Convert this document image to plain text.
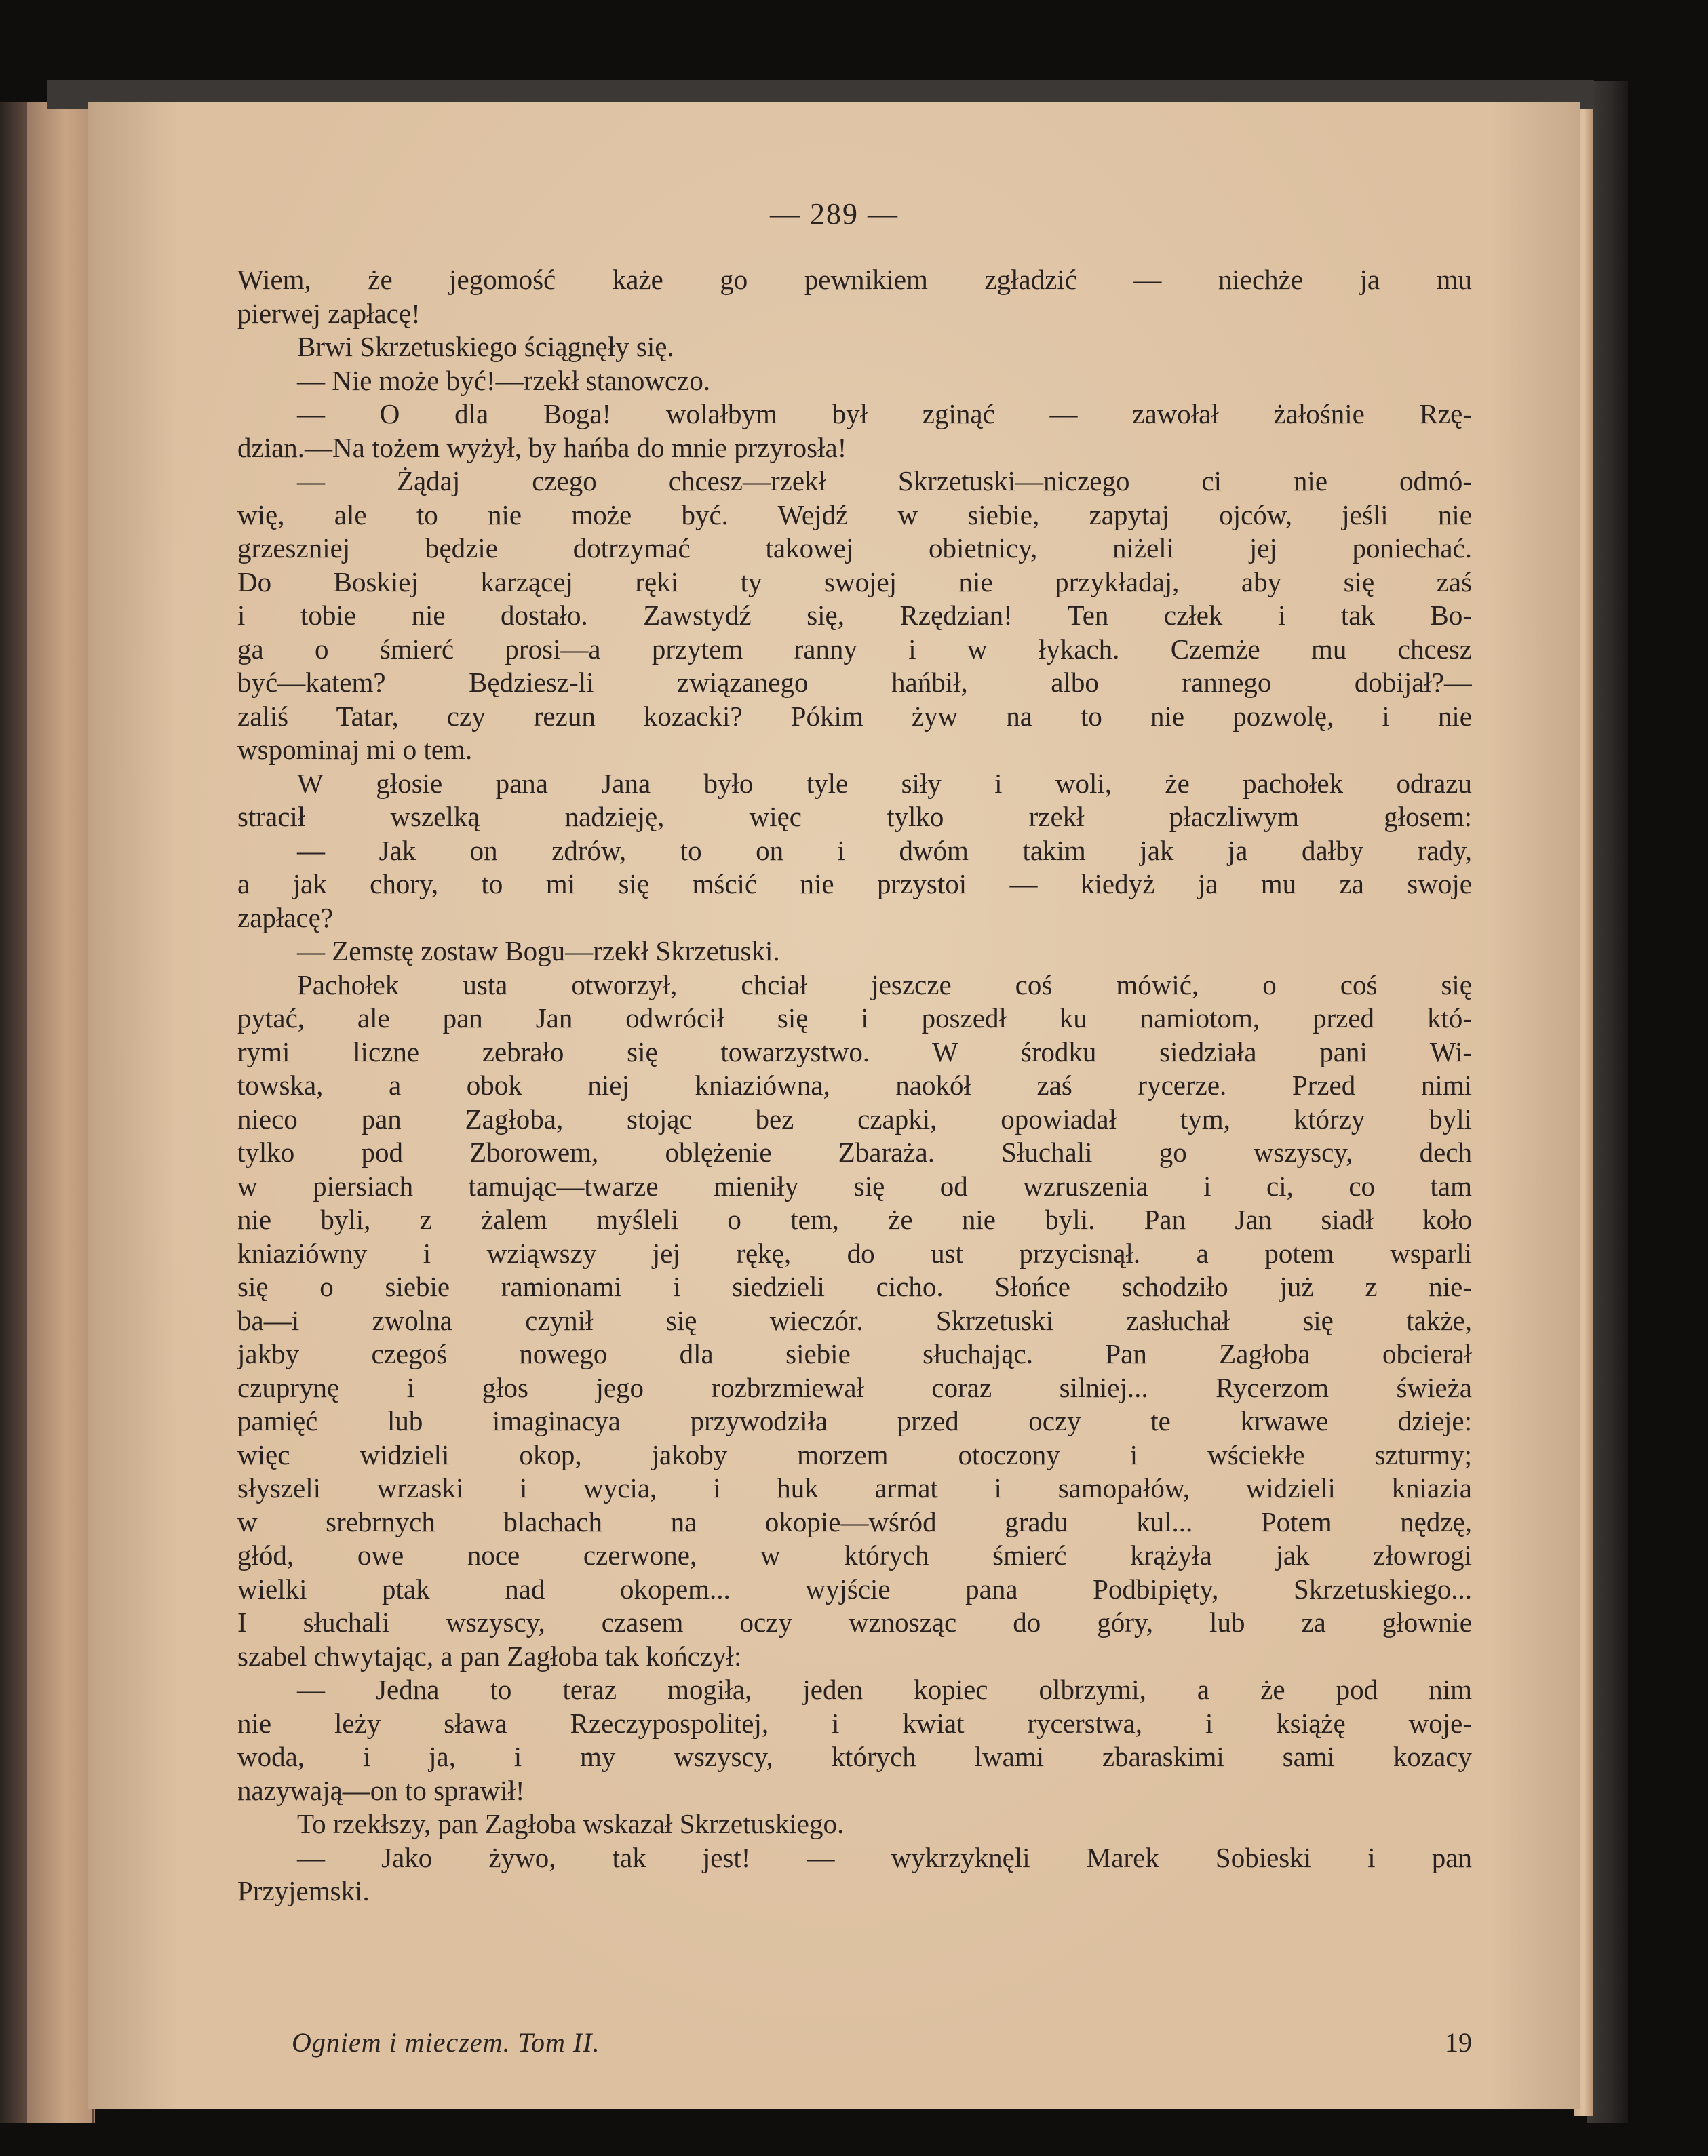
— 289 —
Wiem, że jegomość każe go pewnikiem zgładzić — niechże ja mu
pierwej zapłacę!
Brwi Skrzetuskiego ściągnęły się.
— Nie może być!—rzekł stanowczo.
— O dla Boga! wolałbym był zginąć — zawołał żałośnie Rzę-
dzian.—Na tożem wyżył, by hańba do mnie przyrosła!
— Żądaj czego chcesz—rzekł Skrzetuski—niczego ci nie odmó-
wię, ale to nie może być. Wejdź w siebie, zapytaj ojców, jeśli nie
grzeszniej będzie dotrzymać takowej obietnicy, niżeli jej poniechać.
Do Boskiej karzącej ręki ty swojej nie przykładaj, aby się zaś
i tobie nie dostało. Zawstydź się, Rzędzian! Ten człek i tak Bo-
ga o śmierć prosi—a przytem ranny i w łykach. Czemże mu chcesz
być—katem? Będziesz-li związanego hańbił, albo rannego dobijał?—
zaliś Tatar, czy rezun kozacki? Pókim żyw na to nie pozwolę, i nie
wspominaj mi o tem.
W głosie pana Jana było tyle siły i woli, że pachołek odrazu
stracił wszelką nadzieję, więc tylko rzekł płaczliwym głosem:
— Jak on zdrów, to on i dwóm takim jak ja dałby rady,
a jak chory, to mi się mścić nie przystoi — kiedyż ja mu za swoje
zapłacę?
— Zemstę zostaw Bogu—rzekł Skrzetuski.
Pachołek usta otworzył, chciał jeszcze coś mówić, o coś się
pytać, ale pan Jan odwrócił się i poszedł ku namiotom, przed któ-
rymi liczne zebrało się towarzystwo. W środku siedziała pani Wi-
towska, a obok niej kniaziówna, naokół zaś rycerze. Przed nimi
nieco pan Zagłoba, stojąc bez czapki, opowiadał tym, którzy byli
tylko pod Zborowem, oblężenie Zbaraża. Słuchali go wszyscy, dech
w piersiach tamując—twarze mieniły się od wzruszenia i ci, co tam
nie byli, z żalem myśleli o tem, że nie byli. Pan Jan siadł koło
kniaziówny i wziąwszy jej rękę, do ust przycisnął. a potem wsparli
się o siebie ramionami i siedzieli cicho. Słońce schodziło już z nie-
ba—i zwolna czynił się wieczór. Skrzetuski zasłuchał się także,
jakby czegoś nowego dla siebie słuchając. Pan Zagłoba obcierał
czuprynę i głos jego rozbrzmiewał coraz silniej... Rycerzom świeża
pamięć lub imaginacya przywodziła przed oczy te krwawe dzieje:
więc widzieli okop, jakoby morzem otoczony i wściekłe szturmy;
słyszeli wrzaski i wycia, i huk armat i samopałów, widzieli kniazia
w srebrnych blachach na okopie—wśród gradu kul... Potem nędzę,
głód, owe noce czerwone, w których śmierć krążyła jak złowrogi
wielki ptak nad okopem... wyjście pana Podbipięty, Skrzetuskiego...
I słuchali wszyscy, czasem oczy wznosząc do góry, lub za głownie
szabel chwytając, a pan Zagłoba tak kończył:
— Jedna to teraz mogiła, jeden kopiec olbrzymi, a że pod nim
nie leży sława Rzeczypospolitej, i kwiat rycerstwa, i książę woje-
woda, i ja, i my wszyscy, których lwami zbaraskimi sami kozacy
nazywają—on to sprawił!
To rzekłszy, pan Zagłoba wskazał Skrzetuskiego.
— Jako żywo, tak jest! — wykrzyknęli Marek Sobieski i pan
Przyjemski.
Ogniem i mieczem. Tom II.	19
